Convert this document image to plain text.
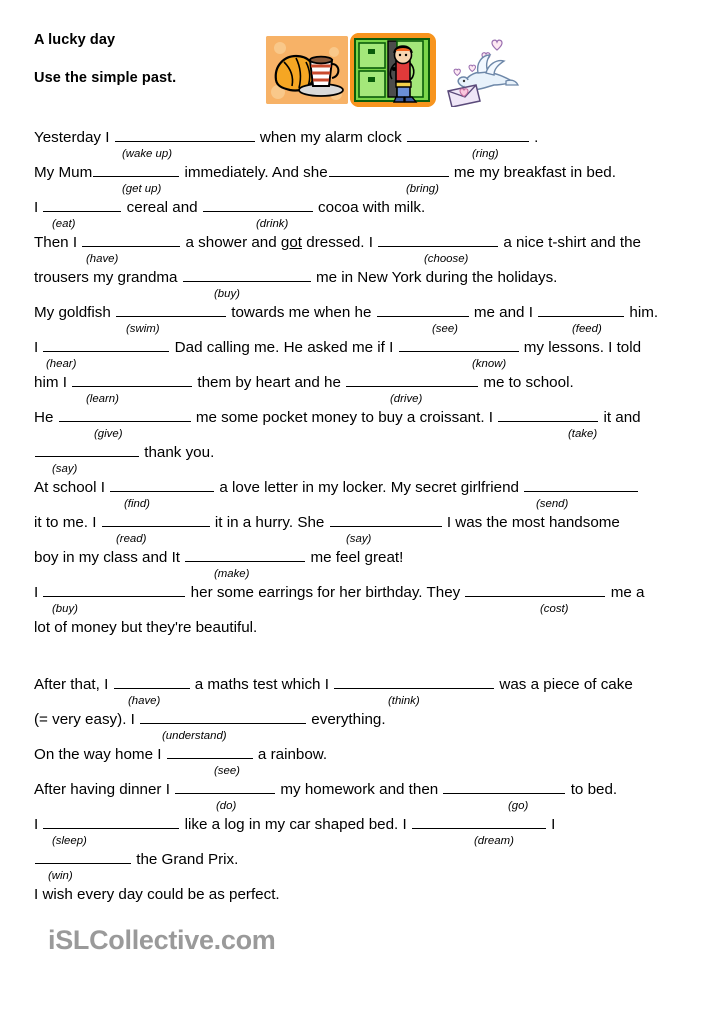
A lucky day
Use the simple past.
Yesterday I	when my alarm clock	.
(wake up)	(ring)
My Mum	immediately. And she	me my breakfast in bed.
(get up)	(bring)
I	cereal and	cocoa with milk.
(eat)	(drink)
Then I	a shower and got dressed. I	a nice t-shirt and the
(have)	(choose)
trousers my grandma	me in New York during the holidays.
(buy)
My goldfish	towards me when he	me and I	him.
(swim)	(see)	(feed)
I	Dad calling me. He asked me if I	my lessons. I told
(hear)	(know)
him I	them by heart and he	me to school.
(learn)	(drive)
He	me some pocket money to buy a croissant. I	it and
(give)	(take)
thank you.
(say)
At school I	a love letter in my locker. My secret girlfriend
(find)	(send)
it to me. I	it in a hurry. She	I was the most handsome
(read)	(say)
boy in my class and It	me feel great!
(make)
I	her some earrings for her birthday. They	me a
(buy)	(cost)
lot of money but they're beautiful.
After that, I	a maths test which I	was a piece of cake
(have)	(think)
(= very easy). I	everything.
(understand)
On the way home I	a rainbow.
(see)
After having dinner I	my homework and then	to bed.
(do)	(go)
I	like a log in my car shaped bed. I	I
(sleep)	(dream)
the Grand Prix.
(win)
I wish every day could be as perfect.
iSLCollective.com
